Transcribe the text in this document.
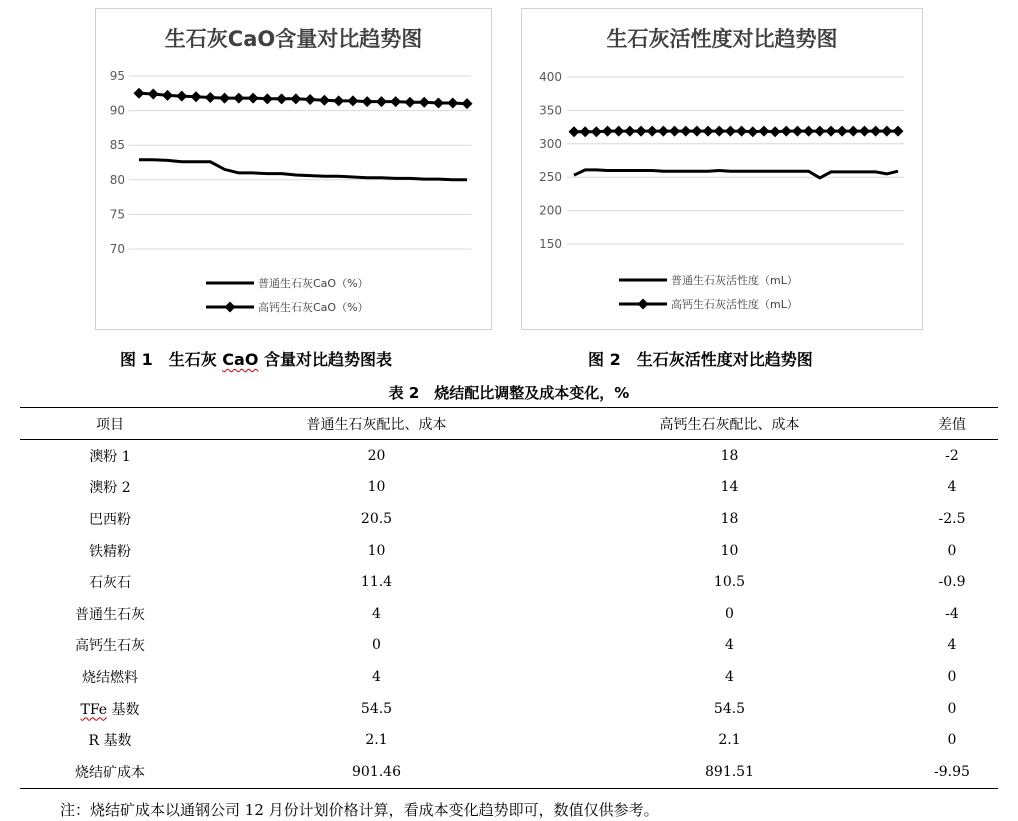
95
90
85
80
75
70
普通生石灰CaO（%）
高钙生石灰CaO（%）
生石灰CaO含量对比趋势图
400
350
300
250
200
150
普通生石灰活性度（mL）
高钙生石灰活性度（mL）
生石灰活性度对比趋势图
图 1　生石灰 CaO 含量对比趋势图表	图 2　生石灰活性度对比趋势图
表 2　烧结配比调整及成本变化，%
项目	普通生石灰配比、成本	高钙生石灰配比、成本	差值
澳粉 1	20	18	-2
澳粉 2	10	14	4
巴西粉	20.5	18	-2.5
铁精粉	10	10	0
石灰石	11.4	10.5	-0.9
普通生石灰	4	0	-4
高钙生石灰	0	4	4
烧结燃料	4	4	0
TFe 基数	54.5	54.5	0
R 基数	2.1	2.1	0
烧结矿成本	901.46	891.51	-9.95
注：烧结矿成本以通钢公司 12 月份计划价格计算，看成本变化趋势即可，数值仅供参考。
